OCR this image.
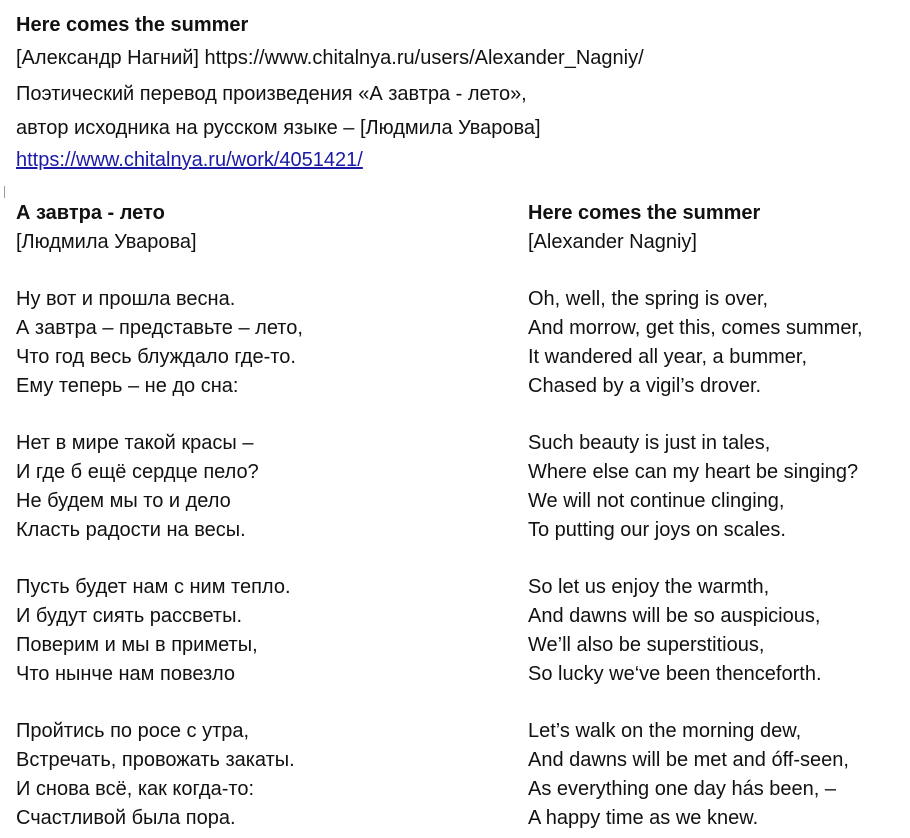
Here comes the summer
[Александр Нагний] https://www.chitalnya.ru/users/Alexander_Nagniy/
Поэтический перевод произведения «А завтра - лето»,
автор исходника на русском языке – [Людмила Уварова]
https://www.chitalnya.ru/work/4051421/
А завтра - лето
[Людмила Уварова]
Ну вот и прошла весна.
А завтра – представьте – лето,
Что год весь блуждало где-то.
Ему теперь – не до сна:
Нет в мире такой красы –
И где б ещё сердце пело?
Не будем мы то и дело
Класть радости на весы.
Пусть будет нам с ним тепло.
И будут сиять рассветы.
Поверим и мы в приметы,
Что нынче нам повезло
Пройтись по росе с утра,
Встречать, провожать закаты.
И снова всё, как когда-то:
Счастливой была пора.
Here comes the summer
[Alexander Nagniy]
Oh, well, the spring is over,
And morrow, get this, comes summer,
It wandered all year, a bummer,
Chased by a vigil’s drover.
Such beauty is just in tales,
Where else can my heart be singing?
We will not continue clinging,
To putting our joys on scales.
So let us enjoy the warmth,
And dawns will be so auspicious,
We’ll also be superstitious,
So lucky we‘ve been thenceforth.
Let’s walk on the morning dew,
And dawns will be met and óff-seen,
As everything one day hás been, –
A happy time as we knew.
